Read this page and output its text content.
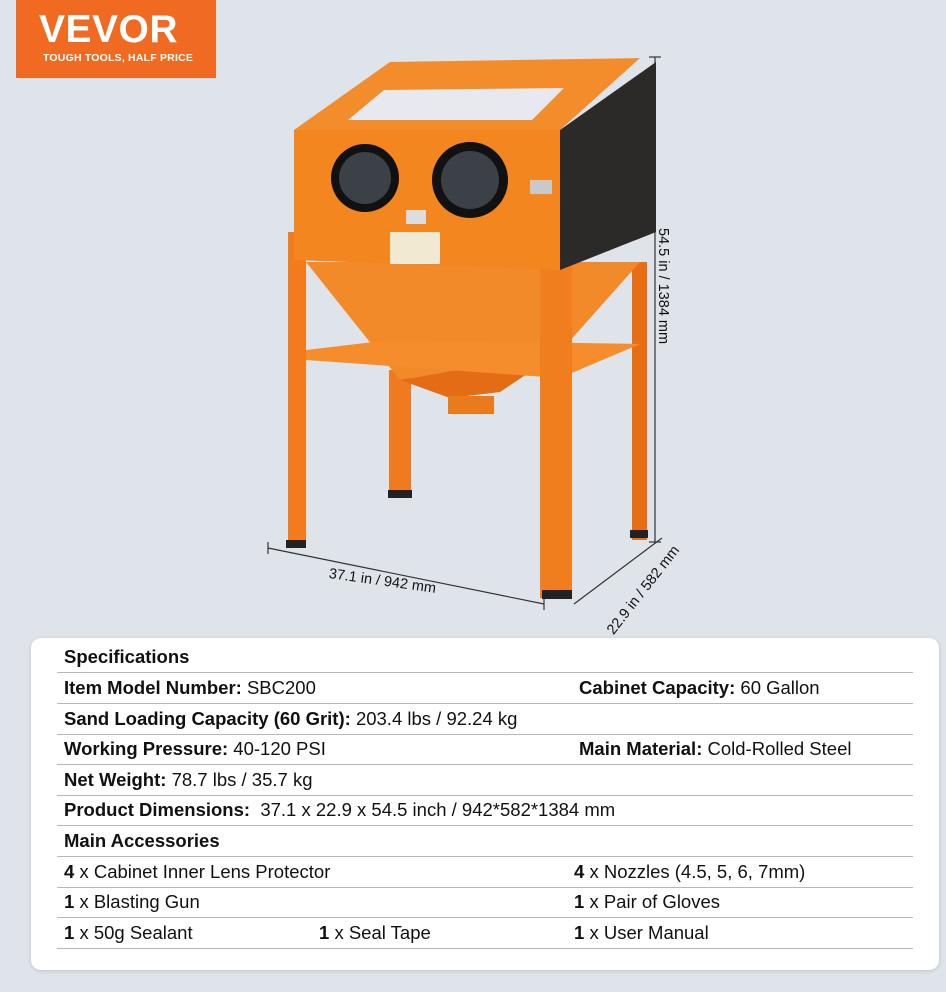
VEVOR
TOUGH TOOLS, HALF PRICE
37.1 in / 942 mm
54.5 in / 1384 mm
22.9 in / 582 mm
Specifications
Item Model Number: SBC200	Cabinet Capacity: 60 Gallon
Sand Loading Capacity (60 Grit): 203.4 lbs / 92.24 kg
Working Pressure: 40-120 PSI	Main Material: Cold-Rolled Steel
Net Weight: 78.7 lbs / 35.7 kg
Product Dimensions: 37.1 x 22.9 x 54.5 inch / 942*582*1384 mm
Main Accessories
4 x Cabinet Inner Lens Protector	4 x Nozzles (4.5, 5, 6, 7mm)
1 x Blasting Gun	1 x Pair of Gloves
1 x 50g Sealant	1 x Seal Tape	1 x User Manual
